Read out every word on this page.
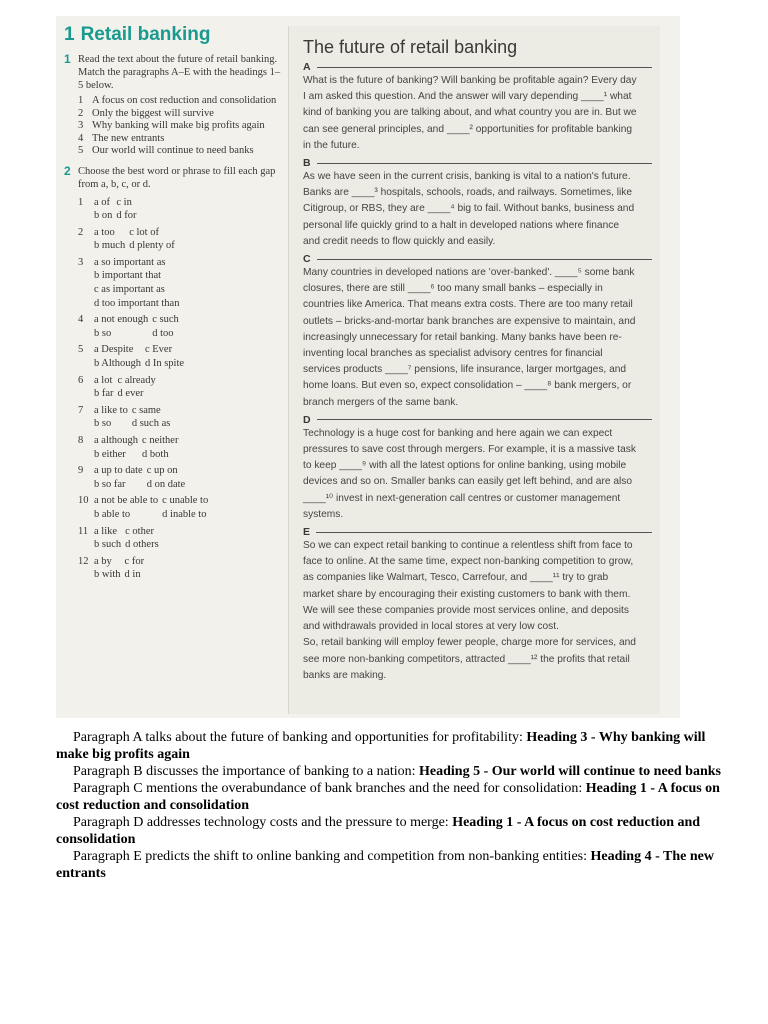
1 Retail banking
1 Read the text about the future of retail banking. Match the paragraphs A–E with the headings 1–5 below.
1 A focus on cost reduction and consolidation
2 Only the biggest will survive
3 Why banking will make big profits again
4 The new entrants
5 Our world will continue to need banks
2 Choose the best word or phrase to fill each gap from a, b, c, or d.
1	a of c in
b on d for
2	a too	c lot of
b much d plenty of
3	a so important as
b important that
c as important as
d too important than
4	a not enough c such
b so	d too
5	a Despite	c Ever
b Although d In spite
6	a lot c already
b far d ever
7	a like to c same
b so	d such as
8	a although c neither
b either	d both
9	a up to date c up on
b so far	d on date
10 a not be able to c unable to
b able to	d inable to
11 a like c other
b such d others
12 a by	c for
b with d in
The future of retail banking
A
What is the future of banking? Will banking be profitable again? Every day I am asked this question. And the answer will vary depending ____¹ what kind of banking you are talking about, and what country you are in. But we can see general principles, and ____² opportunities for profitable banking in the future.
B
As we have seen in the current crisis, banking is vital to a nation's future. Banks are ____³ hospitals, schools, roads, and railways. Sometimes, like Citigroup, or RBS, they are ____⁴ big to fail. Without banks, business and personal life quickly grind to a halt in developed nations where finance and credit needs to flow quickly and easily.
C
Many countries in developed nations are 'over-banked'. ____⁵ some bank closures, there are still ____⁶ too many small banks – especially in countries like America. That means extra costs. There are too many retail outlets – bricks-and-mortar bank branches are expensive to maintain, and increasingly unnecessary for retail banking. Many banks have been re-inventing local branches as specialist advisory centres for financial services products ____⁷ pensions, life insurance, larger mortgages, and home loans. But even so, expect consolidation – ____⁸ bank mergers, or branch mergers of the same bank.
D
Technology is a huge cost for banking and here again we can expect pressures to save cost through mergers. For example, it is a massive task to keep ____⁹ with all the latest options for online banking, using mobile devices and so on. Smaller banks can easily get left behind, and are also ____¹⁰ invest in next-generation call centres or customer management systems.
E
So we can expect retail banking to continue a relentless shift from face to face to online. At the same time, expect non-banking competition to grow, as companies like Walmart, Tesco, Carrefour, and ____¹¹ try to grab market share by encouraging their existing customers to bank with them. We will see these companies provide most services online, and deposits and withdrawals provided in local stores at very low cost.
So, retail banking will employ fewer people, charge more for services, and see more non-banking competitors, attracted ____¹² the profits that retail banks are making.
Paragraph A talks about the future of banking and opportunities for profitability: Heading 3 - Why banking will make big profits again
Paragraph B discusses the importance of banking to a nation: Heading 5 - Our world will continue to need banks
Paragraph C mentions the overabundance of bank branches and the need for consolidation: Heading 1 - A focus on cost reduction and consolidation
Paragraph D addresses technology costs and the pressure to merge: Heading 1 - A focus on cost reduction and consolidation
Paragraph E predicts the shift to online banking and competition from non-banking entities: Heading 4 - The new entrants
